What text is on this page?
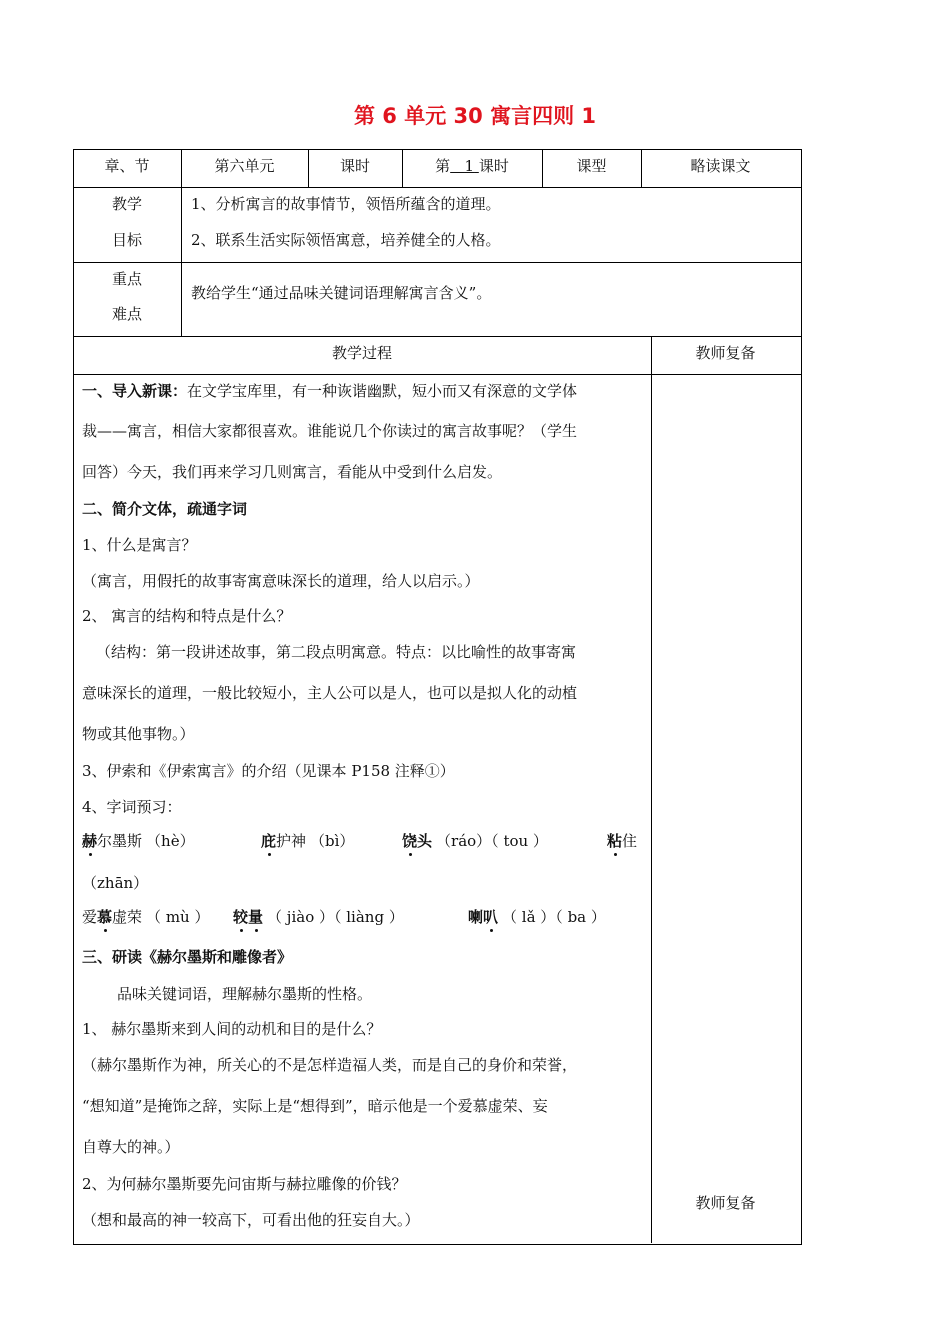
第 6 单元 30 寓言四则 1
章、节	第六单元	课时	第 1 课时	课型	略读课文
教学
目标
1、分析寓言的故事情节，领悟所蕴含的道理。
2、联系生活实际领悟寓意，培养健全的人格。
重点
难点
教给学生“通过品味关键词语理解寓言含义”。
教学过程	教师复备
一、导入新课：在文学宝库里，有一种诙谐幽默，短小而又有深意的文学体
裁——寓言，相信大家都很喜欢。谁能说几个你读过的寓言故事呢？（学生
回答）今天，我们再来学习几则寓言，看能从中受到什么启发。
二、简介文体，疏通字词
1、什么是寓言？
（寓言，用假托的故事寄寓意味深长的道理，给人以启示。）
2、 寓言的结构和特点是什么？
（结构：第一段讲述故事，第二段点明寓意。特点：以比喻性的故事寄寓
意味深长的道理，一般比较短小，主人公可以是人，也可以是拟人化的动植
物或其他事物。）
3、伊索和《伊索寓言》的介绍（见课本 P158 注释①）
4、字词预习：
赫尔墨斯 （hè）	庇护神 （bì）	饶头 （ráo）（ tou ）	粘住
（zhān）
爱慕虚荣 （ mù ） 较量 （ jiào ）（ liàng ）	喇叭 （ lǎ ）（ ba ）
三、研读《赫尔墨斯和雕像者》
品味关键词语，理解赫尔墨斯的性格。
1、 赫尔墨斯来到人间的动机和目的是什么？
（赫尔墨斯作为神，所关心的不是怎样造福人类，而是自己的身价和荣誉，
“想知道”是掩饰之辞，实际上是“想得到”，暗示他是一个爱慕虚荣、妄
自尊大的神。）
2、为何赫尔墨斯要先问宙斯与赫拉雕像的价钱？
（想和最高的神一较高下，可看出他的狂妄自大。）
教师复备
